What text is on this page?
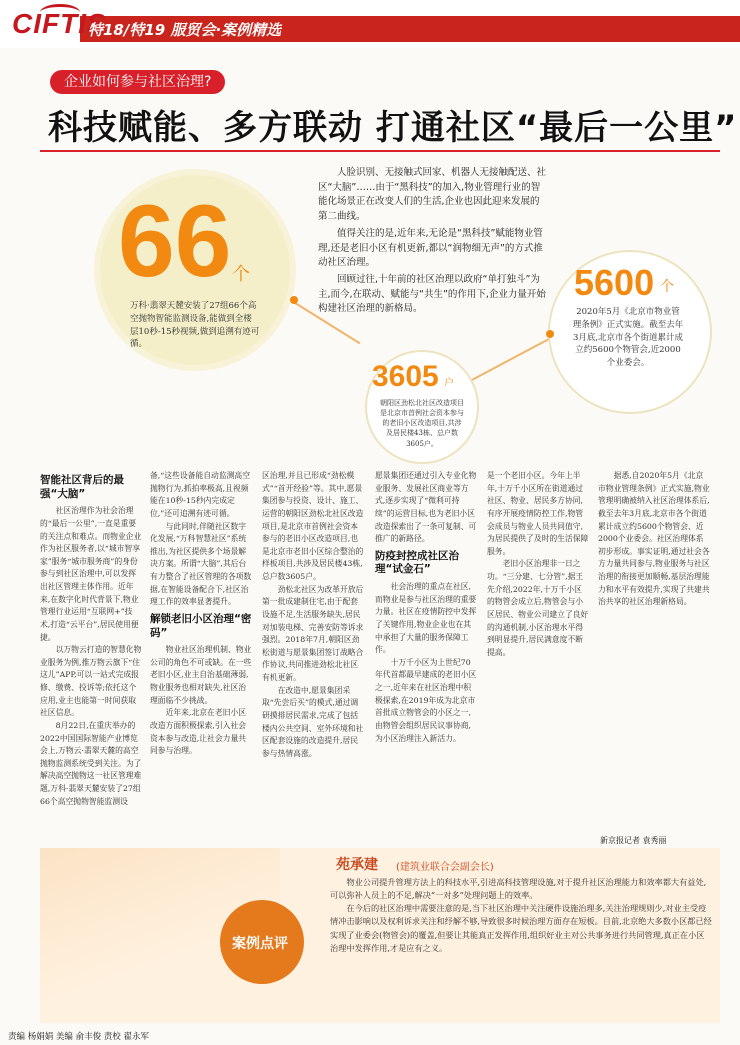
CIFTIS
特18/特19 服贸会·案例精选
企业如何参与社区治理?
科技赋能、多方联动 打通社区“最后一公里”
66 个
万科·翡翠天麓安装了27组66个高空抛物智能监测设备,能做到全楼层10秒-15秒视频,做到追溯有迹可循。
5600 个
2020年5月《北京市物业管理条例》正式实施。截至去年3月底,北京市各个街道累计成立约5600个物管会,近2000个业委会。
3605 户
朝阳区劲松北社区改造项目是北京市首例社会资本参与的老旧小区改造项目,共涉及居民楼43栋、总户数3605户。

人脸识别、无接触式回家、机器人无接触配送、社区“大脑”……由于“黑科技”的加入,物业管理行业的智能化场景正在改变人们的生活,企业也因此迎来发展的第二曲线。

值得关注的是,近年来,无论是“黑科技”赋能物业管理,还是老旧小区有机更新,都以“润物细无声”的方式推动社区治理。

回顾过往,十年前的社区治理以政府“单打独斗”为主,而今,在联动、赋能与“共生”的作用下,企业力量开始构建社区治理的新格局。

智能社区背后的最强“大脑”

社区治理作为社会治理的“最后一公里”,一直是重要的关注点和难点。而物业企业作为社区服务者,以“城市智享家”服务“城市服务商”的身份参与到社区治理中,可以发挥出社区管理主体作用。近年来,在数字化时代背景下,物业管理行业运用“互联网+”技术,打造“云平台”,居民使用便捷。

以万物云打造的智慧化物业服务为例,推万物云旗下“住这儿”APP,可以一站式完成报修、缴费、投诉等;依托这个应用,业主也能第一时间获取社区信息。

8月22日,在重庆举办的2022中国国际智能产业博览会上,万物云·翡翠天麓的高空抛物监测系统受到关注。为了解决高空抛物这一社区管理难题,万科·翡翠天麓安装了27组66个高空抛物智能监测设

备,“这些设备能自动监测高空抛物行为,抓拍率极高,且视频能在10秒-15秒内完成定位,”还可追溯有迹可循。

与此同时,伴随社区数字化发展,“万科智慧社区”系统推出,为社区提供多个场景解决方案。所谓“大脑”,其后台有力整合了社区管理的各项数据,在智能设备配合下,社区治理工作的效率显著提升。

解锁老旧小区治理“密码”

物业社区治理机制、物业公司的角色不可或缺。在一些老旧小区,业主自治基础薄弱,物业服务也相对缺失,社区治理面临不少挑战。

近年来,北京在老旧小区改造方面积极探索,引入社会资本参与改造,让社会力量共同参与治理。

区治理,并且已形成“劲松模式”“首开经验”等。其中,愿景集团参与投资、设计、施工、运营的朝阳区劲松北社区改造项目,是北京市首例社会资本参与的老旧小区改造项目,也是北京市老旧小区综合整治的样板项目,共涉及居民楼43栋,总户数3605户。

劲松北社区为改革开放后第一批成建制住宅,由于配套设施不足,生活服务缺失,居民对加装电梯、完善安防等诉求强烈。2018年7月,朝阳区劲松街道与愿景集团签订战略合作协议,共同推进劲松北社区有机更新。

在改造中,愿景集团采取“先尝后买”的模式,通过调研摸排居民需求,完成了包括楼内公共空间、室外环境和社区配套设施的改造提升,居民参与热情高涨。

愿景集团还通过引入专业化物业服务、发展社区商业等方式,逐步实现了“微利可持续”的运营目标,也为老旧小区改造探索出了一条可复制、可推广的新路径。

防疫封控成社区治理“试金石”

社会治理的重点在社区,而物业是参与社区治理的重要力量。社区在疫情防控中发挥了关键作用,物业企业也在其中承担了大量的服务保障工作。

十万千小区为上世纪70年代首都最早建成的老旧小区之一,近年来在社区治理中积极探索,在2019年成为北京市首批成立物管会的小区之一,由物管会组织居民议事协商,为小区治理注入新活力。

是一个老旧小区。今年上半年,十万千小区所在街道通过社区、物业、居民多方协同,有序开展疫情防控工作,物管会成员与物业人员共同值守,为居民提供了及时的生活保障服务。

老旧小区治理非一日之功。“三分建、七分管”,据王先介绍,2022年,十万千小区的物管会成立后,物管会与小区居民、物业公司建立了良好的沟通机制,小区治理水平得到明显提升,居民满意度不断提高。

据悉,自2020年5月《北京市物业管理条例》正式实施,物业管理明确被纳入社区治理体系后,截至去年3月底,北京市各个街道累计成立约5600个物管会、近2000个业委会。社区治理体系初步形成。事实证明,通过社会各方力量共同参与,物业服务与社区治理的衔接更加顺畅,基层治理能力和水平有效提升,实现了共建共治共享的社区治理新格局。

新京报记者 袁秀丽
案例点评
苑承建 (建筑业联合会副会长)

物业公司提升管理方法上的科技水平,引进高科技管理设施,对于提升社区治理能力和效率都大有益处,可以弥补人员上的不足,解决“一对多”处理问题上的效率。

在今后的社区治理中需要注意的是,当下社区治理中关注硬件设施治理多,关注治理规则少,对业主受疫情冲击影响以及权利诉求关注和纾解不够,导致很多时候治理方面存在短板。目前,北京绝大多数小区都已经实现了业委会(物管会)的覆盖,但要让其能真正发挥作用,组织好业主对公共事务进行共同管理,真正在小区治理中发挥作用,才是应有之义。

责编 杨娟娟 美编 俞丰俊 责校 翟永军
